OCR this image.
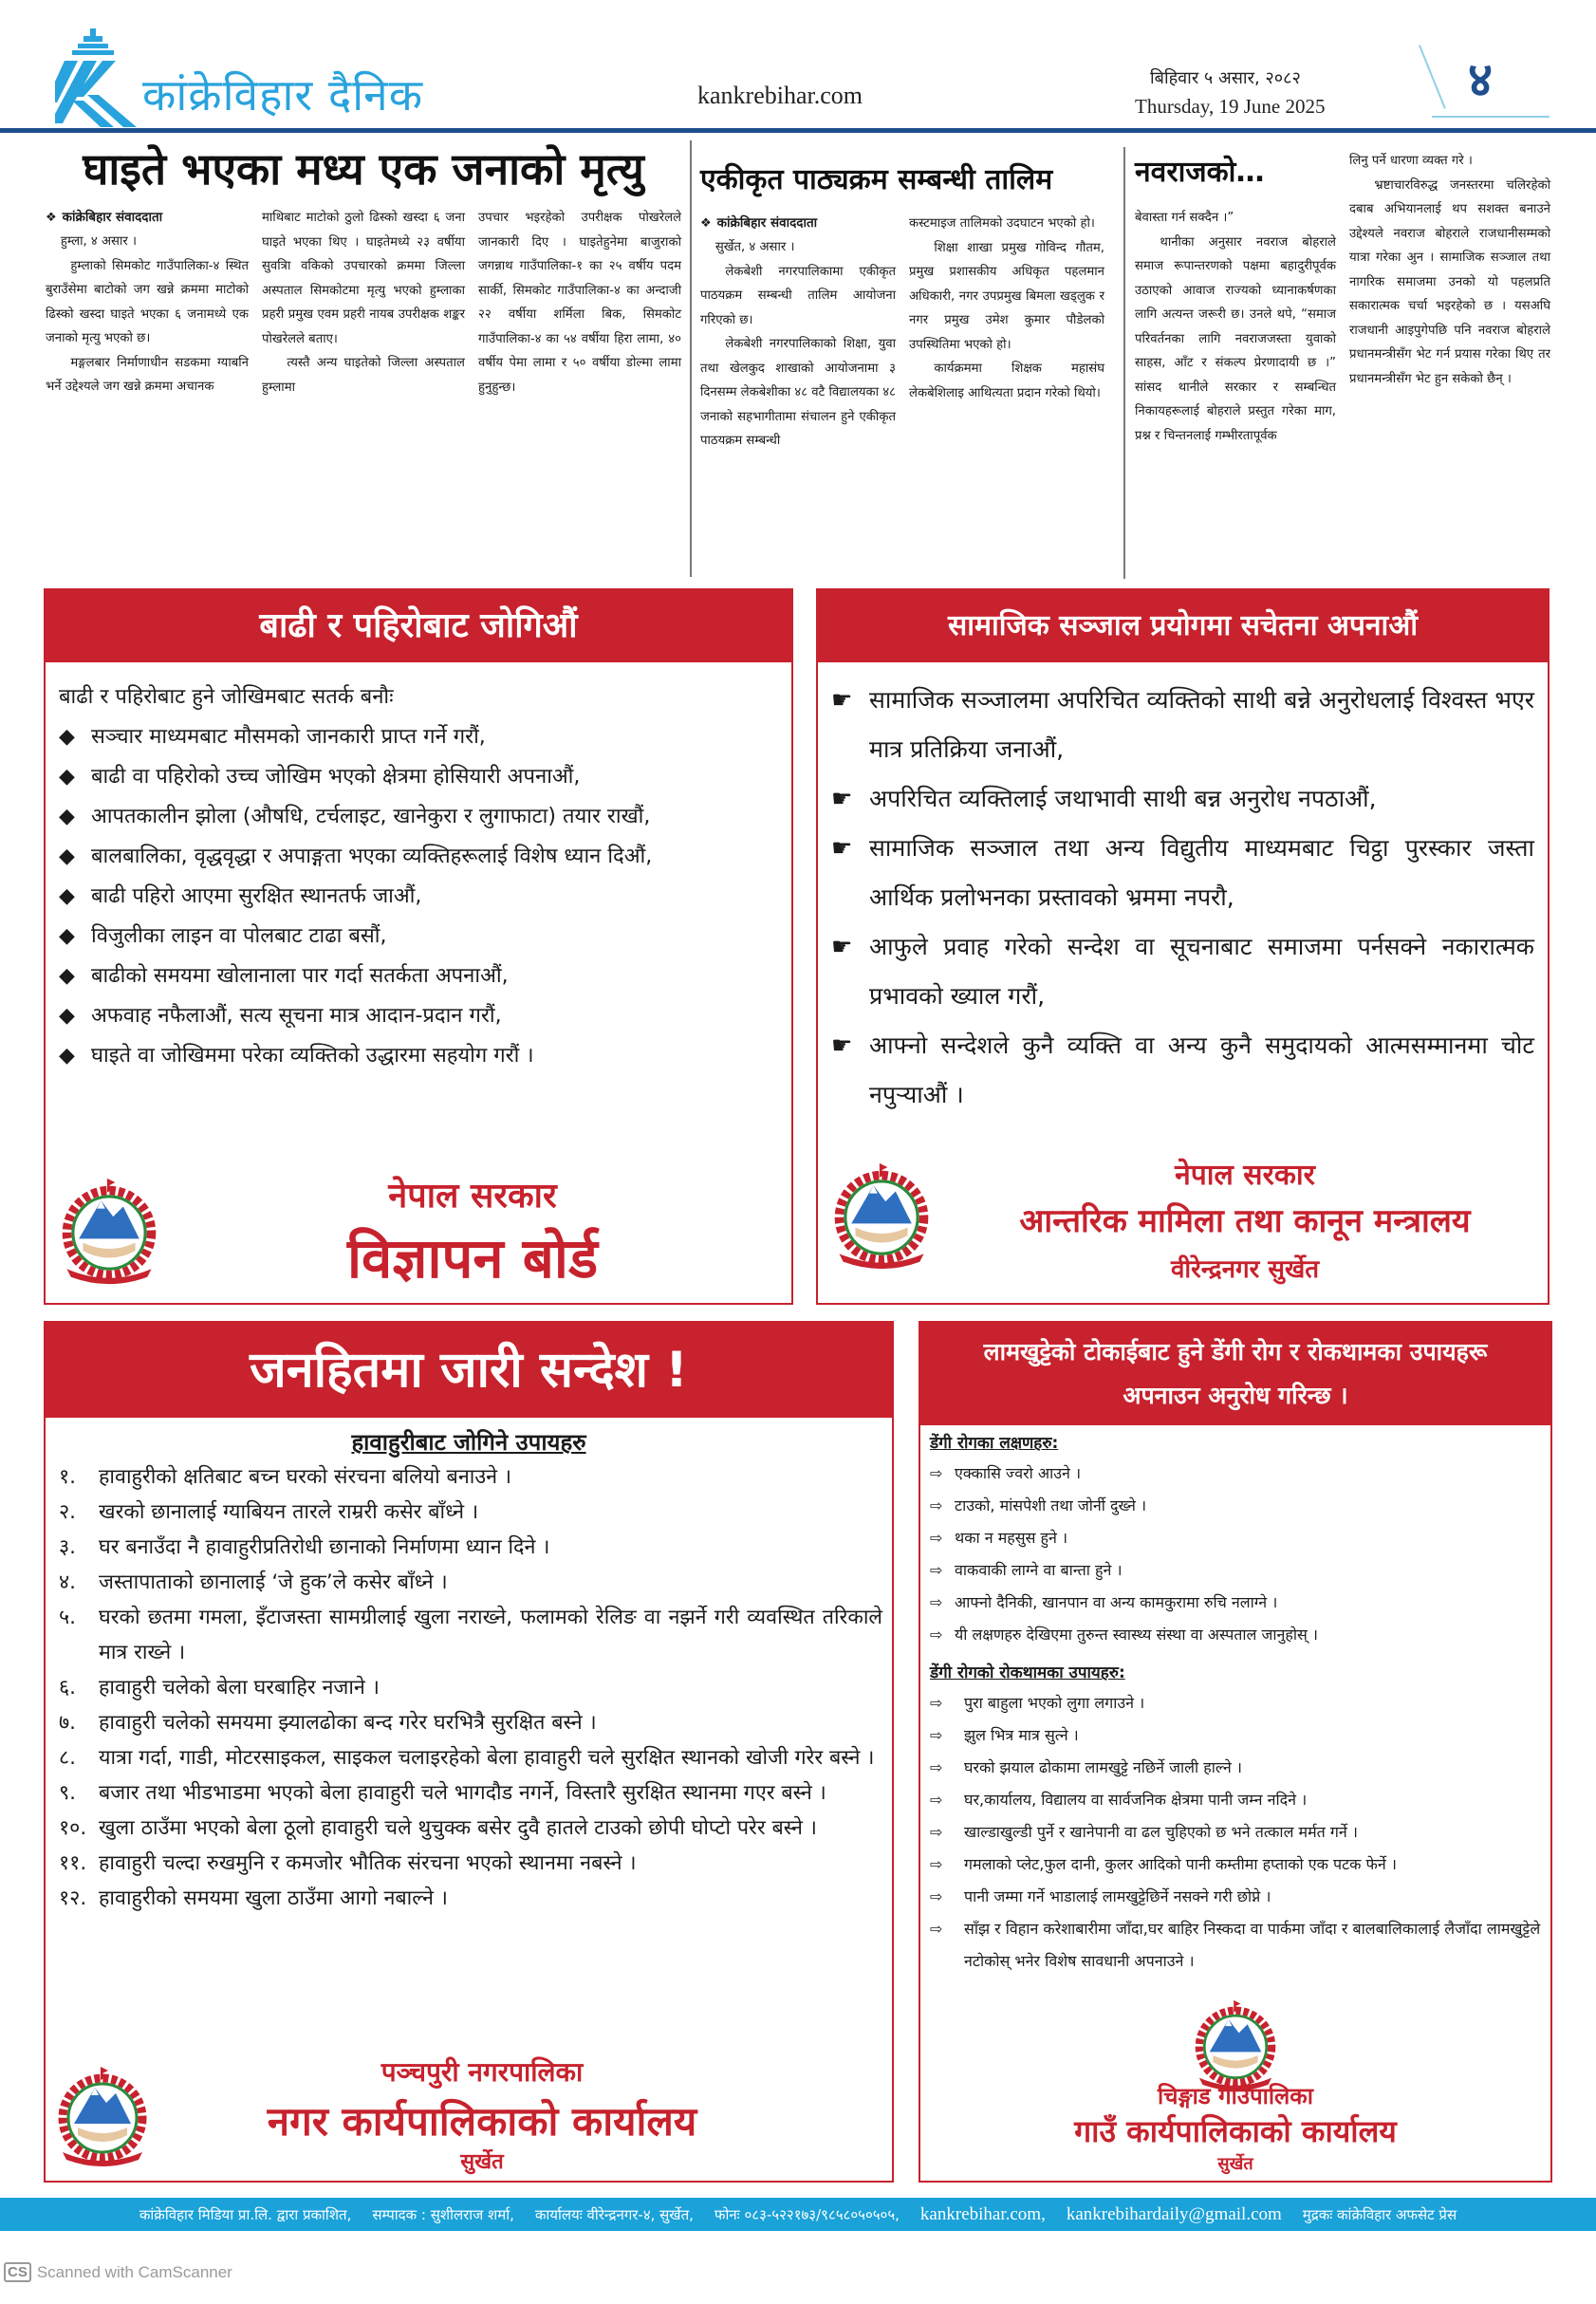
कांक्रेविहार दैनिक	kankrebihar.com
बिहिवार ५ असार, २०८२
Thursday, 19 June 2025	४
घाइते भएका मध्य एक जनाको मृत्यु
❖ कांक्रेबिहार संवाददाता

हुम्ला, ४ असार ।

हुम्लाको सिमकोट गाउँपालिका-४ स्थित बुराउँसेमा बाटोको जग खन्ने क्रममा माटोको ढिस्को खस्दा घाइते भएका ६ जनामध्ये एक जनाको मृत्यु भएको छ।

मङ्गलबार निर्माणाधीन सडकमा ग्याबनि भर्ने उद्देश्यले जग खन्ने क्रममा अचानक

माथिबाट माटोको ठुलो ढिस्को खस्दा ६ जना घाइते भएका थिए । घाइतेमध्ये २३ वर्षीया सुवत्रिा वकिको उपचारको क्रममा जिल्ला अस्पताल सिमकोटमा मृत्यु भएको हुम्लाका प्रहरी प्रमुख एवम प्रहरी नायब उपरीक्षक शङ्कर पोखरेलले बताए।

त्यस्तै अन्य घाइतेको जिल्ला अस्पताल हुम्लामा

उपचार भइरहेको उपरीक्षक पोखरेलले जानकारी दिए । घाइतेहुनेमा बाजुराको जगन्नाथ गाउँपालिका-१ का २५ वर्षीय पदम सार्की, सिमकोट गाउँपालिका-४ का अन्दाजी २२ वर्षीया शर्मिला बिक, सिमकोट गाउँपालिका-४ का ५४ वर्षीया हिरा लामा, ४० वर्षीय पेमा लामा र ५० वर्षीया डोल्मा लामा हुनुहुन्छ।

एकीकृत पाठ्यक्रम सम्बन्धी तालिम
❖ कांक्रेबिहार संवाददाता

सुर्खेत, ४ असार ।

लेकबेशी नगरपालिकामा एकीकृत पाठयक्रम सम्बन्धी तालिम आयोजना गरिएको छ।

लेकबेशी नगरपालिकाको शिक्षा, युवा तथा खेलकुद शाखाको आयोजनामा ३ दिनसम्म लेकबेशीका ४८ वटै विद्यालयका ४८ जनाको सहभागीतामा संचालन हुने एकीकृत पाठयक्रम सम्बन्धी

कस्टमाइज तालिमको उदघाटन भएको हो।

शिक्षा शाखा प्रमुख गोविन्द गौतम, प्रमुख प्रशासकीय अधिकृत पहलमान अधिकारी, नगर उपप्रमुख बिमला खड्लुक र नगर प्रमुख उमेश कुमार पौडेलको उपस्थितिमा भएको हो।

कार्यक्रममा शिक्षक महासंघ लेकबेशिलाइ आथित्यता प्रदान गरेको थियो।

नवराजको…

बेवास्ता गर्न सक्दैन ।”

थानीका अनुसार नवराज बोहराले समाज रूपान्तरणको पक्षमा बहादुरीपूर्वक उठाएको आवाज राज्यको ध्यानाकर्षणका लागि अत्यन्त जरूरी छ। उनले थपे, “समाज परिवर्तनका लागि नवराजजस्ता युवाको साहस, आँट र संकल्प प्रेरणादायी छ ।” सांसद थानीले सरकार र सम्बन्धित निकायहरूलाई बोहराले प्रस्तुत गरेका माग, प्रश्न र चिन्तनलाई गम्भीरतापूर्वक

लिनु पर्ने धारणा व्यक्त गरे ।

भ्रष्टाचारविरुद्ध जनस्तरमा चलिरहेको दबाब अभियानलाई थप सशक्त बनाउने उद्देश्यले नवराज बोहराले राजधानीसम्मको यात्रा गरेका अुन । सामाजिक सञ्जाल तथा नागरिक समाजमा उनको यो पहलप्रति सकारात्मक चर्चा भइरहेको छ । यसअघि राजधानी आइपुगेपछि पनि नवराज बोहराले प्रधानमन्त्रीसँग भेट गर्न प्रयास गरेका थिए तर प्रधानमन्त्रीसँग भेट हुन सकेको छैन् ।

बाढी र पहिरोबाट जोगिऔं
बाढी र पहिरोबाट हुने जोखिमबाट सतर्क बनौः
◆ सञ्चार माध्यमबाट मौसमको जानकारी प्राप्त गर्ने गरौं,
◆ बाढी वा पहिरोको उच्च जोखिम भएको क्षेत्रमा होसियारी अपनाऔं,
◆ आपतकालीन झोला (औषधि, टर्चलाइट, खानेकुरा र लुगाफाटा) तयार राखौं,
◆ बालबालिका, वृद्धवृद्धा र अपाङ्गता भएका व्यक्तिहरूलाई विशेष ध्यान दिऔं,
◆ बाढी पहिरो आएमा सुरक्षित स्थानतर्फ जाऔं,
◆ विजुलीका लाइन वा पोलबाट टाढा बसौं,
◆ बाढीको समयमा खोलानाला पार गर्दा सतर्कता अपनाऔं,
◆ अफवाह नफैलाऔं, सत्य सूचना मात्र आदान-प्रदान गरौं,
◆ घाइते वा जोखिममा परेका व्यक्तिको उद्धारमा सहयोग गरौं ।
नेपाल सरकार
विज्ञापन बोर्ड
सामाजिक सञ्जाल प्रयोगमा सचेतना अपनाऔं
☛ सामाजिक सञ्जालमा अपरिचित व्यक्तिको साथी बन्ने अनुरोधलाई विश्वस्त भएर मात्र प्रतिक्रिया जनाऔं,
☛ अपरिचित व्यक्तिलाई जथाभावी साथी बन्न अनुरोध नपठाऔं,
☛ सामाजिक सञ्जाल तथा अन्य विद्युतीय माध्यमबाट चिट्ठा पुरस्कार जस्ता आर्थिक प्रलोभनका प्रस्तावको भ्रममा नपरौ,
☛ आफुले प्रवाह गरेको सन्देश वा सूचनाबाट समाजमा पर्नसक्ने नकारात्मक प्रभावको ख्याल गरौं,
☛ आफ्नो सन्देशले कुनै व्यक्ति वा अन्य कुनै समुदायको आत्मसम्मानमा चोट नपुऱ्याऔं ।
नेपाल सरकार
आन्तरिक मामिला तथा कानून मन्त्रालय
वीरेन्द्रनगर सुर्खेत
जनहितमा जारी सन्देश !
हावाहुरीबाट जोगिने उपायहरु
१. हावाहुरीको क्षतिबाट बच्न घरको संरचना बलियो बनाउने ।
२. खरको छानालाई ग्याबियन तारले राम्ररी कसेर बाँध्ने ।
३. घर बनाउँदा नै हावाहुरीप्रतिरोधी छानाको निर्माणमा ध्यान दिने ।
४. जस्तापाताको छानालाई ‘जे हुक’ले कसेर बाँध्ने ।
५. घरको छतमा गमला, इँटाजस्ता सामग्रीलाई खुला नराख्ने, फलामको रेलिङ वा नझर्ने गरी व्यवस्थित तरिकाले मात्र राख्ने ।
६. हावाहुरी चलेको बेला घरबाहिर नजाने ।
७. हावाहुरी चलेको समयमा झ्यालढोका बन्द गरेर घरभित्रै सुरक्षित बस्ने ।
८. यात्रा गर्दा, गाडी, मोटरसाइकल, साइकल चलाइरहेको बेला हावाहुरी चले सुरक्षित स्थानको खोजी गरेर बस्ने ।
९. बजार तथा भीडभाडमा भएको बेला हावाहुरी चले भागदौड नगर्ने, विस्तारै सुरक्षित स्थानमा गएर बस्ने ।
१०. खुला ठाउँमा भएको बेला ठूलो हावाहुरी चले थुचुक्क बसेर दुवै हातले टाउको छोपी घोप्टो परेर बस्ने ।
११. हावाहुरी चल्दा रुखमुनि र कमजोर भौतिक संरचना भएको स्थानमा नबस्ने ।
१२. हावाहुरीको समयमा खुला ठाउँमा आगो नबाल्ने ।
पञ्चपुरी नगरपालिका
नगर कार्यपालिकाको कार्यालय
सुर्खेत
लामखुट्टेको टोकाईबाट हुने डेंगी रोग र रोकथामका उपायहरू अपनाउन अनुरोध गरिन्छ ।
डेंगी रोगका लक्षणहरु:
⇨ एक्कासि ज्वरो आउने ।
⇨ टाउको, मांसपेशी तथा जोर्नी दुख्ने ।
⇨ थका न महसुस हुने ।
⇨ वाकवाकी लाग्ने वा बान्ता हुने ।
⇨ आफ्नो दैनिकी, खानपान वा अन्य कामकुरामा रुचि नलाग्ने ।
⇨ यी लक्षणहरु देखिएमा तुरुन्त स्वास्थ्य संस्था वा अस्पताल जानुहोस् ।
डेंगी रोगको रोकथामका उपायहरु:
⇨ पुरा बाहुला भएको लुगा लगाउने ।
⇨ झुल भित्र मात्र सुत्ने ।
⇨ घरको झयाल ढोकामा लामखुट्टे नछिर्ने जाली हाल्ने ।
⇨ घर,कार्यालय, विद्यालय वा सार्वजनिक क्षेत्रमा पानी जम्न नदिने ।
⇨ खाल्डाखुल्डी पुर्ने र खानेपानी वा ढल चुहिएको छ भने तत्काल मर्मत गर्ने ।
⇨ गमलाको प्लेट,फुल दानी, कुलर आदिको पानी कम्तीमा हप्ताको एक पटक फेर्ने ।
⇨ पानी जम्मा गर्ने भाडालाई लामखुट्टेछिर्ने नसक्ने गरी छोप्ने ।
⇨ साँझ र विहान करेशाबारीमा जाँदा,घर बाहिर निस्कदा वा पार्कमा जाँदा र बालबालिकालाई लैजाँदा लामखुट्टेले नटोकोस् भनेर विशेष सावधानी अपनाउने ।
चिङ्गाड गाउँपालिका
गाउँ कार्यपालिकाको कार्यालय
सुर्खेत
कांक्रेविहार मिडिया प्रा.लि. द्वारा प्रकाशित, सम्पादक : सुशीलराज शर्मा, कार्यालयः वीरेन्द्रनगर-४, सुर्खेत, फोनः ०८३-५२२१७३/९८५८०५०५०५, kankrebihar.com, kankrebihardaily@gmail.com मुद्रकः कांक्रेविहार अफसेट प्रेस
CS Scanned with CamScanner
